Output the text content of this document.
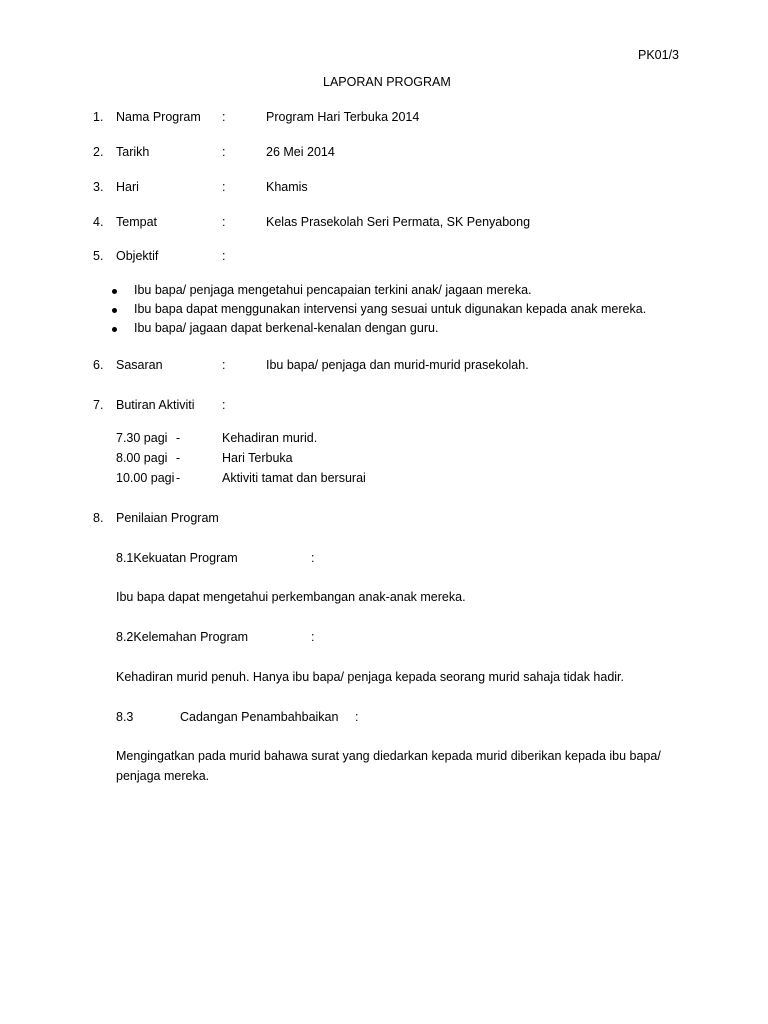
PK01/3
LAPORAN PROGRAM
1. Nama Program :	Program Hari Terbuka 2014
2. Tarikh	:	26 Mei 2014
3. Hari	:	Khamis
4. Tempat	:	Kelas Prasekolah Seri Permata, SK Penyabong
5. Objektif	:
Ibu bapa/ penjaga mengetahui pencapaian terkini anak/ jagaan mereka.
Ibu bapa dapat menggunakan intervensi yang sesuai untuk digunakan kepada anak mereka.
Ibu bapa/ jagaan dapat berkenal-kenalan dengan guru.
6. Sasaran	:	Ibu bapa/ penjaga dan murid-murid prasekolah.
7. Butiran Aktiviti :
7.30 pagi -	Kehadiran murid.
8.00 pagi -	Hari Terbuka
10.00 pagi -	Aktiviti tamat dan bersurai
8. Penilaian Program
8.1Kekuatan Program	:
Ibu bapa dapat mengetahui perkembangan anak-anak mereka.
8.2Kelemahan Program	:
Kehadiran murid penuh. Hanya ibu bapa/ penjaga kepada seorang murid sahaja tidak hadir.
8.3	Cadangan Penambahbaikan :
Mengingatkan pada murid bahawa surat yang diedarkan kepada murid diberikan kepada ibu bapa/
penjaga mereka.
